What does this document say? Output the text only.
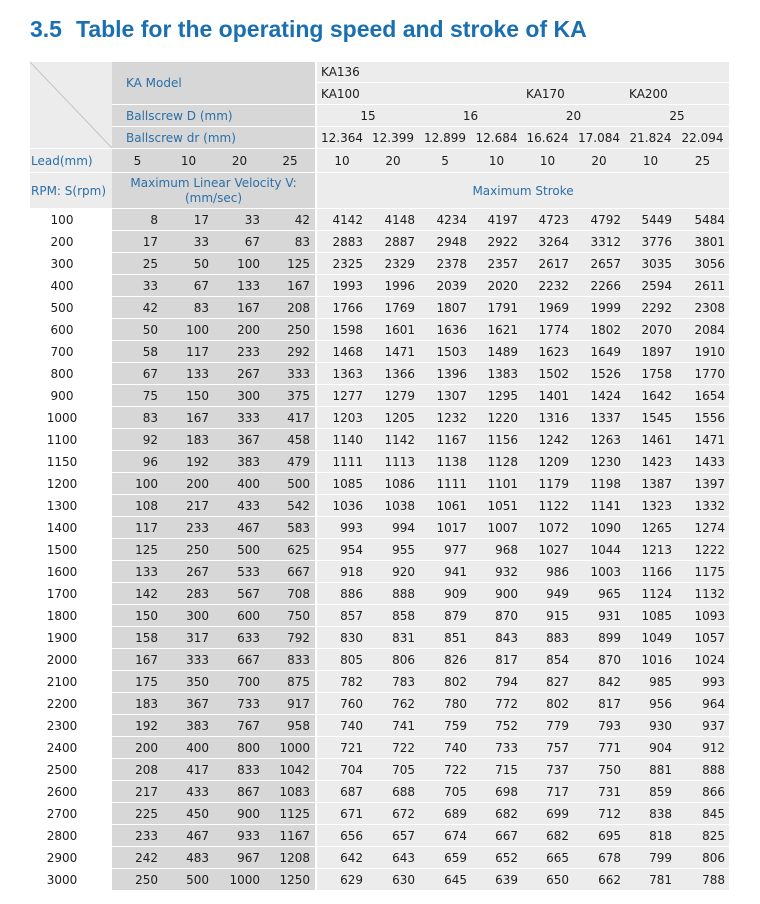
3.5 Table for the operating speed and stroke of KA
	KA Model				KA136							
					KA100				KA170		KA200	
	Ballscrew D (mm)				15		16		20		25	
	Ballscrew dr (mm)				12.364	12.399	12.899	12.684	16.624	17.084	21.824	22.094
Lead(mm)	5	10	20	25	10	20	5	10	10	20	10	25
RPM: S(rpm)	Maximum Linear Velocity V: (mm/sec)				Maximum Stroke							
100	8	17	33	42	4142	4148	4234	4197	4723	4792	5449	5484
200	17	33	67	83	2883	2887	2948	2922	3264	3312	3776	3801
300	25	50	100	125	2325	2329	2378	2357	2617	2657	3035	3056
400	33	67	133	167	1993	1996	2039	2020	2232	2266	2594	2611
500	42	83	167	208	1766	1769	1807	1791	1969	1999	2292	2308
600	50	100	200	250	1598	1601	1636	1621	1774	1802	2070	2084
700	58	117	233	292	1468	1471	1503	1489	1623	1649	1897	1910
800	67	133	267	333	1363	1366	1396	1383	1502	1526	1758	1770
900	75	150	300	375	1277	1279	1307	1295	1401	1424	1642	1654
1000	83	167	333	417	1203	1205	1232	1220	1316	1337	1545	1556
1100	92	183	367	458	1140	1142	1167	1156	1242	1263	1461	1471
1150	96	192	383	479	1111	1113	1138	1128	1209	1230	1423	1433
1200	100	200	400	500	1085	1086	1111	1101	1179	1198	1387	1397
1300	108	217	433	542	1036	1038	1061	1051	1122	1141	1323	1332
1400	117	233	467	583	993	994	1017	1007	1072	1090	1265	1274
1500	125	250	500	625	954	955	977	968	1027	1044	1213	1222
1600	133	267	533	667	918	920	941	932	986	1003	1166	1175
1700	142	283	567	708	886	888	909	900	949	965	1124	1132
1800	150	300	600	750	857	858	879	870	915	931	1085	1093
1900	158	317	633	792	830	831	851	843	883	899	1049	1057
2000	167	333	667	833	805	806	826	817	854	870	1016	1024
2100	175	350	700	875	782	783	802	794	827	842	985	993
2200	183	367	733	917	760	762	780	772	802	817	956	964
2300	192	383	767	958	740	741	759	752	779	793	930	937
2400	200	400	800	1000	721	722	740	733	757	771	904	912
2500	208	417	833	1042	704	705	722	715	737	750	881	888
2600	217	433	867	1083	687	688	705	698	717	731	859	866
2700	225	450	900	1125	671	672	689	682	699	712	838	845
2800	233	467	933	1167	656	657	674	667	682	695	818	825
2900	242	483	967	1208	642	643	659	652	665	678	799	806
3000	250	500	1000	1250	629	630	645	639	650	662	781	788
